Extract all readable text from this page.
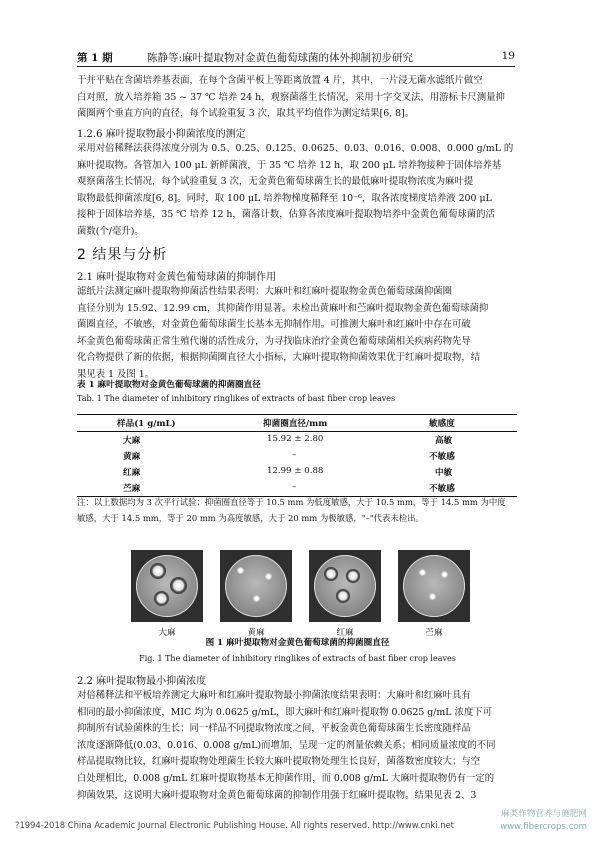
第 1 期	陈静等:麻叶提取物对金黄色葡萄球菌的体外抑制初步研究	19
干并平贴在含菌培养基表面，在每个含菌平板上等距离放置 4 片，其中，一片浸无菌水滤纸片做空
白对照，放入培养箱 35 ~ 37 ℃ 培养 24 h，观察菌落生长情况，采用十字交叉法，用游标卡尺测量抑
菌圈两个垂直方向的直径，每个试验重复 3 次，取其平均值作为测定结果[6, 8]。
1.2.6 麻叶提取物最小抑菌浓度的测定
采用对倍稀释法获得浓度分别为 0.5、0.25、0.125、0.0625、0.03、0.016、0.008、0.000 g/mL 的
麻叶提取物。各管加入 100 μL 新鲜菌液，于 35 ℃ 培养 12 h，取 200 μL 培养物接种于固体培养基
观察菌落生长情况，每个试验重复 3 次，无金黄色葡萄球菌生长的最低麻叶提取物浓度为麻叶提
取物最低抑菌浓度[6, 8]。同时，取 100 μL 培养物梯度稀释至 10⁻⁶，取各浓度梯度培养液 200 μL
接种于固体培养基，35 ℃ 培养 12 h，菌落计数，估算各浓度麻叶提取物培养中金黄色葡萄球菌的活
菌数(个/毫升)。
2 结果与分析
2.1 麻叶提取物对金黄色葡萄球菌的抑制作用
滤纸片法测定麻叶提取物抑菌活性结果表明：大麻叶和红麻叶提取物金黄色葡萄球菌抑菌圈
直径分别为 15.92、12.99 cm，其抑菌作用显著。未检出黄麻叶和苎麻叶提取物金黄色葡萄球菌抑
菌圈直径，不敏感，对金黄色葡萄球菌生长基本无抑制作用。可推测大麻叶和红麻叶中存在可破
坏金黄色葡萄球菌正常生殖代谢的活性成分，为寻找临床治疗金黄色葡萄球菌相关疾病药物先导
化合物提供了新的依据，根据抑菌圈直径大小指标，大麻叶提取物抑菌效果优于红麻叶提取物，结
果见表 1 及图 1。
表 1 麻叶提取物对金黄色葡萄球菌的抑菌圈直径
Tab. 1 The diameter of inhibitory ringlikes of extracts of bast fiber crop leaves
样品(1 g/mL)	抑菌圈直径/mm	敏感度
大麻	15.92 ± 2.80	高敏
黄麻	–	不敏感
红麻	12.99 ± 0.88	中敏
苎麻	–	不敏感
注：以上数据均为 3 次平行试验；抑菌圈直径等于 10.5 mm 为低度敏感，大于 10.5 mm，等于 14.5 mm 为中度
敏感，大于 14.5 mm，等于 20 mm 为高度敏感，大于 20 mm 为极敏感，"–"代表未检出。
大麻	黄麻	红麻	苎麻
图 1 麻叶提取物对金黄色葡萄球菌的抑菌圈直径
Fig. 1 The diameter of inhibitory ringlikes of extracts of bast fiber crop leaves
2.2 麻叶提取物最小抑菌浓度
对倍稀释法和平板培养测定大麻叶和红麻叶提取物最小抑菌浓度结果表明：大麻叶和红麻叶具有
相同的最小抑菌浓度，MIC 均为 0.0625 g/mL，即大麻叶和红麻叶提取物 0.0625 g/mL 浓度下可
抑制所有试验菌株的生长；同一样品不同提取物浓度之间，平板金黄色葡萄球菌生长密度随样品
浓度逐渐降低(0.03、0.016、0.008 g/mL)而增加，呈现一定的剂量依赖关系；相同质量浓度的不同
样品提取物比较，红麻叶提取物处理菌生长较大麻叶提取物处理生长良好，菌落数密度较大；与空
白处理相比，0.008 g/mL 红麻叶提取物基本无抑菌作用，而 0.008 g/mL 大麻叶提取物仍有一定的
抑菌效果，这说明大麻叶提取物对金黄色葡萄球菌的抑制作用强于红麻叶提取物。结果见表 2、3
?1994-2018 China Academic Journal Electronic Publishing House. All rights reserved. http://www.cnki.net
麻类作物营养与施肥网
www.fibercrops.com
